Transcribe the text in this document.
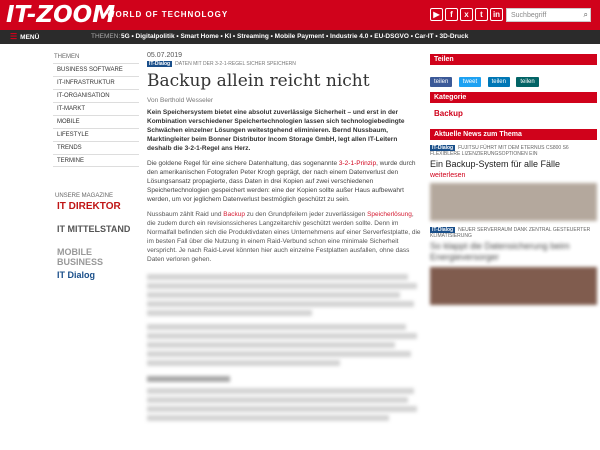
IT-ZOOM
WORLD OF TECHNOLOGY	▶	f	x	t	in	Suchbegriff	⌕
☰ MENÜ	THEMEN: 5G • Digitalpolitik • Smart Home • KI • Streaming • Mobile Payment • Industrie 4.0 • EU-DSGVO • Car-IT • 3D-Druck
THEMEN
BUSINESS SOFTWARE
IT-INFRASTRUKTUR
IT-ORGANISATION
IT-MARKT
MOBILE
LIFESTYLE
TRENDS
TERMINE
UNSERE MAGAZINE
IT DIREKTOR
IT MITTELSTAND
MOBILE BUSINESS
IT Dialog
05.07.2019
IT-Dialog DATEN MIT DER 3-2-1-REGEL SICHER SPEICHERN
Backup allein reicht nicht
Von Berthold Wesseler
Kein Speichersystem bietet eine absolut zuverlässige Sicherheit – und erst in der Kombination verschiedener Speichertechnologien lassen sich technologiebedingte Schwächen einzelner Lösungen weitestgehend eliminieren. Bernd Nussbaum, Marktingleiter beim Bonner Distributor Incom Storage GmbH, legt allen IT-Leitern deshalb die 3-2-1-Regel ans Herz.
Die goldene Regel für eine sichere Datenhaltung, das sogenannte 3-2-1-Prinzip, wurde durch den amerikanischen Fotografen Peter Krogh geprägt, der nach einem Datenverlust den Lösungsansatz propagierte, dass Daten in drei Kopien auf zwei verschiedenen Speichertechnologien gespeichert werden: eine der Kopien sollte außer Haus aufbewahrt werden, um vor jeglichem Datenverlust bestmöglich geschützt zu sein.
Nussbaum zählt Raid und Backup zu den Grundpfeilern jeder zuverlässigen Speicherlösung, die zudem durch ein revisionssicheres Langzeitarchiv geschützt werden sollte. Denn im Normalfall befinden sich die Produktivdaten eines Unternehmens auf einer Serverfestplatte, die im besten Fall über die Nutzung in einem Raid-Verbund schon eine minimale Sicherheit verspricht. Je nach Raid-Level könnten hier auch einzelne Festplatten ausfallen, ohne dass Daten verloren gehen.
Teilen
teilen tweet teilen teilen
Kategorie
Backup
Aktuelle News zum Thema
IT-Dialog FUJITSU FÜHRT MIT DEM ETERNUS CS800 S6 FLEXIBLERE LIZENZIERUNGSOPTIONEN EIN
Ein Backup-System für alle Fälle
weiterlesen
IT-Dialog NEUER SERVERRAUM DANK ZENTRAL GESTEUERTER KLIMATISIERUNG
So klappt die Datensicherung beim Energieversorger
